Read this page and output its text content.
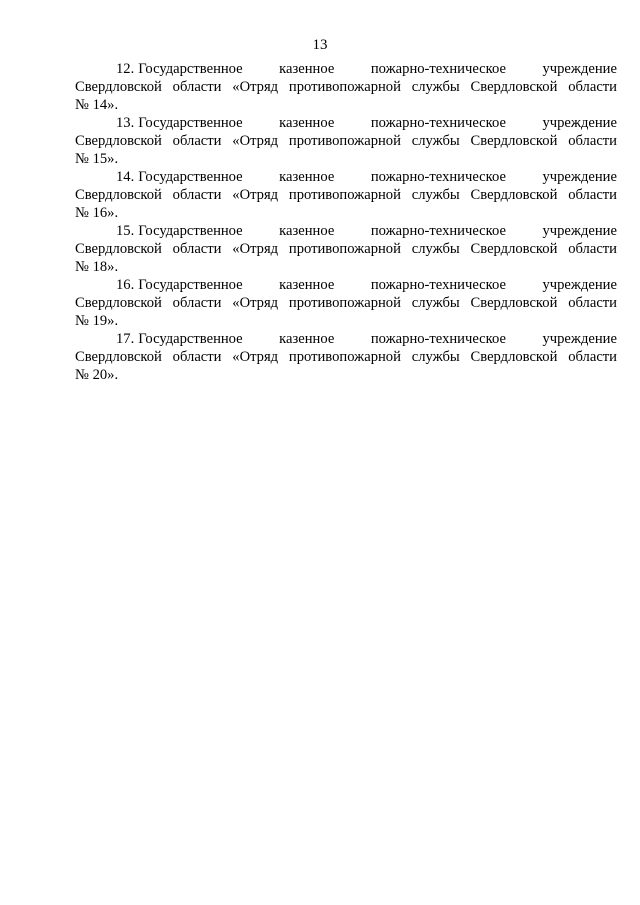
13
12. Государственное	казенное	пожарно-техническое	учреждение
Свердловской области «Отряд противопожарной службы Свердловской области
№ 14».
13. Государственное	казенное	пожарно-техническое	учреждение
Свердловской области «Отряд противопожарной службы Свердловской области
№ 15».
14. Государственное	казенное	пожарно-техническое	учреждение
Свердловской области «Отряд противопожарной службы Свердловской области
№ 16».
15. Государственное	казенное	пожарно-техническое	учреждение
Свердловской области «Отряд противопожарной службы Свердловской области
№ 18».
16. Государственное	казенное	пожарно-техническое	учреждение
Свердловской области «Отряд противопожарной службы Свердловской области
№ 19».
17. Государственное	казенное	пожарно-техническое	учреждение
Свердловской области «Отряд противопожарной службы Свердловской области
№ 20».
